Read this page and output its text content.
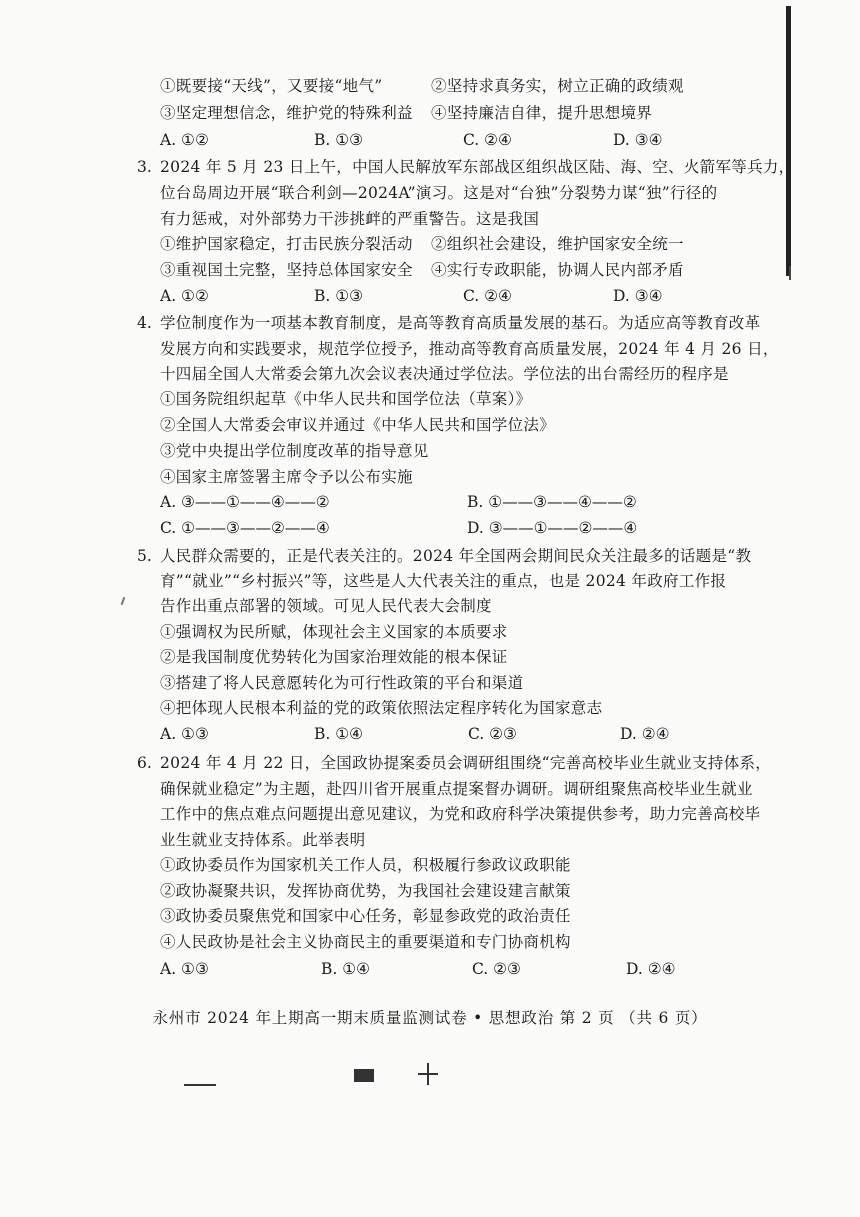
①既要接“天线”，又要接“地气”	②坚持求真务实，树立正确的政绩观
③坚定理想信念，维护党的特殊利益 ④坚持廉洁自律，提升思想境界
A. ①②	B. ①③	C. ②④	D. ③④
3. 2024 年 5 月 23 日上午，中国人民解放军东部战区组织战区陆、海、空、火箭军等兵力，
位台岛周边开展“联合利剑—2024A”演习。这是对“台独”分裂势力谋“独”行径的
有力惩戒，对外部势力干涉挑衅的严重警告。这是我国
①维护国家稳定，打击民族分裂活动 ②组织社会建设，维护国家安全统一
③重视国土完整，坚持总体国家安全 ④实行专政职能，协调人民内部矛盾
A. ①②	B. ①③	C. ②④	D. ③④
4. 学位制度作为一项基本教育制度，是高等教育高质量发展的基石。为适应高等教育改革
发展方向和实践要求，规范学位授予，推动高等教育高质量发展，2024 年 4 月 26 日，
十四届全国人大常委会第九次会议表决通过学位法。学位法的出台需经历的程序是
①国务院组织起草《中华人民共和国学位法（草案）》
②全国人大常委会审议并通过《中华人民共和国学位法》
③党中央提出学位制度改革的指导意见
④国家主席签署主席令予以公布实施
A. ③——①——④——②	B. ①——③——④——②
C. ①——③——②——④	D. ③——①——②——④
5. 人民群众需要的，正是代表关注的。2024 年全国两会期间民众关注最多的话题是“教
育”“就业”“乡村振兴”等，这些是人大代表关注的重点，也是 2024 年政府工作报
告作出重点部署的领域。可见人民代表大会制度
①强调权为民所赋，体现社会主义国家的本质要求
②是我国制度优势转化为国家治理效能的根本保证
③搭建了将人民意愿转化为可行性政策的平台和渠道
④把体现人民根本利益的党的政策依照法定程序转化为国家意志
A. ①③	B. ①④	C. ②③	D. ②④
6. 2024 年 4 月 22 日，全国政协提案委员会调研组围绕“完善高校毕业生就业支持体系，
确保就业稳定”为主题，赴四川省开展重点提案督办调研。调研组聚焦高校毕业生就业
工作中的焦点难点问题提出意见建议，为党和政府科学决策提供参考，助力完善高校毕
业生就业支持体系。此举表明
①政协委员作为国家机关工作人员，积极履行参政议政职能
②政协凝聚共识，发挥协商优势，为我国社会建设建言献策
③政协委员聚焦党和国家中心任务，彰显参政党的政治责任
④人民政协是社会主义协商民主的重要渠道和专门协商机构
A. ①③	B. ①④	C. ②③	D. ②④
永州市 2024 年上期高一期末质量监测试卷 • 思想政治 第 2 页 （共 6 页）
